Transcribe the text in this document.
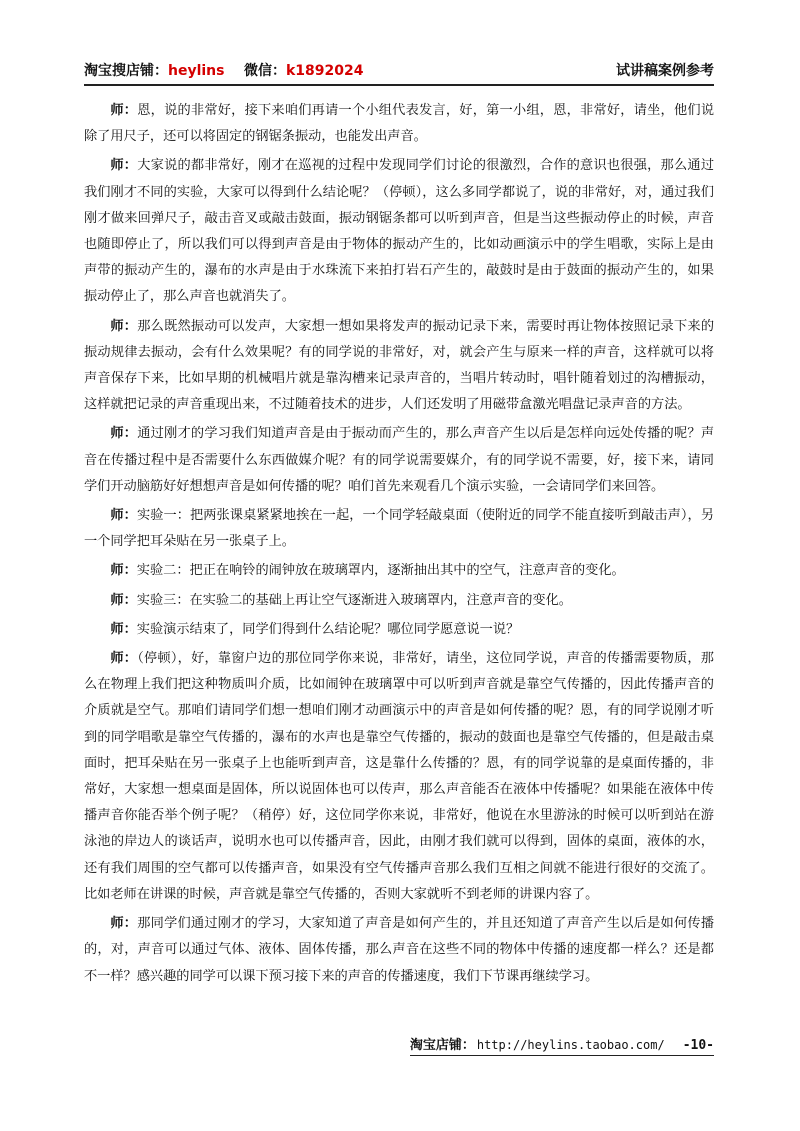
淘宝搜店铺：heylins 微信：k1892024	试讲稿案例参考

师：恩，说的非常好，接下来咱们再请一个小组代表发言，好，第一小组，恩，非常好，请坐，他们说除了用尺子，还可以将固定的钢锯条振动，也能发出声音。

师：大家说的都非常好，刚才在巡视的过程中发现同学们讨论的很激烈，合作的意识也很强，那么通过我们刚才不同的实验，大家可以得到什么结论呢？（停顿），这么多同学都说了，说的非常好，对，通过我们刚才做来回弹尺子，敲击音叉或敲击鼓面，振动钢锯条都可以听到声音，但是当这些振动停止的时候，声音也随即停止了，所以我们可以得到声音是由于物体的振动产生的，比如动画演示中的学生唱歌，实际上是由声带的振动产生的，瀑布的水声是由于水珠流下来拍打岩石产生的，敲鼓时是由于鼓面的振动产生的，如果振动停止了，那么声音也就消失了。

师：那么既然振动可以发声，大家想一想如果将发声的振动记录下来，需要时再让物体按照记录下来的振动规律去振动，会有什么效果呢？有的同学说的非常好，对，就会产生与原来一样的声音，这样就可以将声音保存下来，比如早期的机械唱片就是靠沟槽来记录声音的，当唱片转动时，唱针随着划过的沟槽振动，这样就把记录的声音重现出来，不过随着技术的进步，人们还发明了用磁带盒激光唱盘记录声音的方法。

师：通过刚才的学习我们知道声音是由于振动而产生的，那么声音产生以后是怎样向远处传播的呢？声音在传播过程中是否需要什么东西做媒介呢？有的同学说需要媒介，有的同学说不需要，好，接下来，请同学们开动脑筋好好想想声音是如何传播的呢？咱们首先来观看几个演示实验，一会请同学们来回答。

师：实验一：把两张课桌紧紧地挨在一起，一个同学轻敲桌面（使附近的同学不能直接听到敲击声），另一个同学把耳朵贴在另一张桌子上。

师：实验二：把正在响铃的闹钟放在玻璃罩内，逐渐抽出其中的空气，注意声音的变化。

师：实验三：在实验二的基础上再让空气逐渐进入玻璃罩内，注意声音的变化。

师：实验演示结束了，同学们得到什么结论呢？哪位同学愿意说一说？

师：（停顿），好，靠窗户边的那位同学你来说，非常好，请坐，这位同学说，声音的传播需要物质，那么在物理上我们把这种物质叫介质，比如闹钟在玻璃罩中可以听到声音就是靠空气传播的，因此传播声音的介质就是空气。那咱们请同学们想一想咱们刚才动画演示中的声音是如何传播的呢？恩，有的同学说刚才听到的同学唱歌是靠空气传播的，瀑布的水声也是靠空气传播的，振动的鼓面也是靠空气传播的，但是敲击桌面时，把耳朵贴在另一张桌子上也能听到声音，这是靠什么传播的？恩，有的同学说靠的是桌面传播的，非常好，大家想一想桌面是固体，所以说固体也可以传声，那么声音能否在液体中传播呢？如果能在液体中传播声音你能否举个例子呢？（稍停）好，这位同学你来说，非常好，他说在水里游泳的时候可以听到站在游泳池的岸边人的谈话声，说明水也可以传播声音，因此，由刚才我们就可以得到，固体的桌面，液体的水，还有我们周围的空气都可以传播声音，如果没有空气传播声音那么我们互相之间就不能进行很好的交流了。比如老师在讲课的时候，声音就是靠空气传播的，否则大家就听不到老师的讲课内容了。

师：那同学们通过刚才的学习，大家知道了声音是如何产生的，并且还知道了声音产生以后是如何传播的，对，声音可以通过气体、液体、固体传播，那么声音在这些不同的物体中传播的速度都一样么？还是都不一样？感兴趣的同学可以课下预习接下来的声音的传播速度，我们下节课再继续学习。

淘宝店铺： http://heylins.taobao.com/ -10-
